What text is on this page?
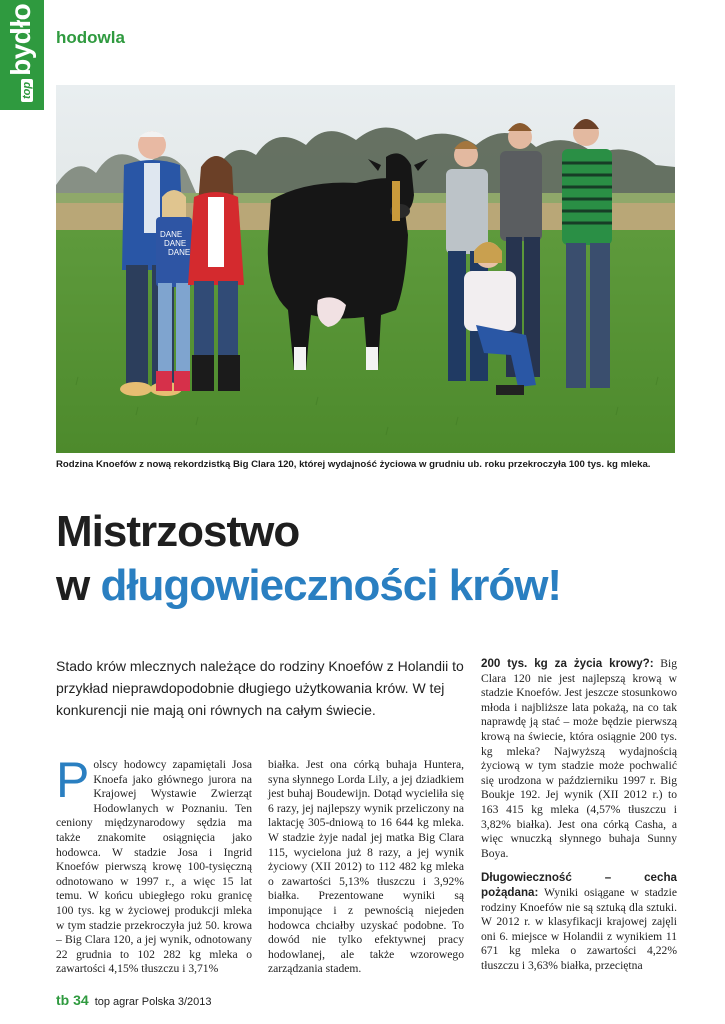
topbydło hodowla
DANE
DANE
DANE
Rodzina Knoefów z nową rekordzistką Big Clara 120, której wydajność życiowa w grudniu ub. roku przekroczyła 100 tys. kg mleka.
Mistrzostwo
w długowieczności krów!

Stado krów mlecznych należące do rodziny Knoefów z Holandii to przykład nieprawdopodobnie długiego użytkowania krów. W tej konkurencji nie mają oni równych na całym świecie.

Polscy hodowcy zapamiętali Josa Knoefa jako głównego jurora na Krajowej Wystawie Zwierząt Hodowlanych w Poznaniu. Ten ceniony międzynarodowy sędzia ma także znakomite osiągnięcia jako hodowca. W stadzie Josa i Ingrid Knoefów pierwszą krowę 100-tysięczną odnotowano w 1997 r., a więc 15 lat temu. W końcu ubiegłego roku granicę 100 tys. kg w życiowej produkcji mleka w tym stadzie przekroczyła już 50. krowa – Big Clara 120, a jej wynik, odnotowany 22 grudnia to 102 282 kg mleka o zawartości 4,15% tłuszczu i 3,71%
białka. Jest ona córką buhaja Huntera, syna słynnego Lorda Lily, a jej dziadkiem jest buhaj Boudewijn. Dotąd wycieliła się 6 razy, jej najlepszy wynik przeliczony na laktację 305-dniową to 16 644 kg mleka. W stadzie żyje nadal jej matka Big Clara 115, wycielona już 8 razy, a jej wynik życiowy (XII 2012) to 112 482 kg mleka o zawartości 5,13% tłuszczu i 3,92% białka. Prezentowane wyniki są imponujące i z pewnością niejeden hodowca chciałby uzyskać podobne. To dowód nie tylko efektywnej pracy hodowlanej, ale także wzorowego zarządzania stadem.

200 tys. kg za życia krowy?: Big Clara 120 nie jest najlepszą krową w stadzie Knoefów. Jest jeszcze stosunkowo młoda i najbliższe lata pokażą, na co tak naprawdę ją stać – może będzie pierwszą krową na świecie, która osiągnie 200 tys. kg mleka? Najwyższą wydajnością życiową w tym stadzie może pochwalić się urodzona w październiku 1997 r. Big Boukje 192. Jej wynik (XII 2012 r.) to 163 415 kg mleka (4,57% tłuszczu i 3,82% białka). Jest ona córką Casha, a więc wnuczką słynnego buhaja Sunny Boya.

Długowieczność – cecha pożądana: Wyniki osiągane w stadzie rodziny Knoefów nie są sztuką dla sztuki. W 2012 r. w klasyfikacji krajowej zajęli oni 6. miejsce w Holandii z wynikiem 11 671 kg mleka o zawartości 4,22% tłuszczu i 3,63% białka, przeciętna

tb 34 top agrar Polska 3/2013
